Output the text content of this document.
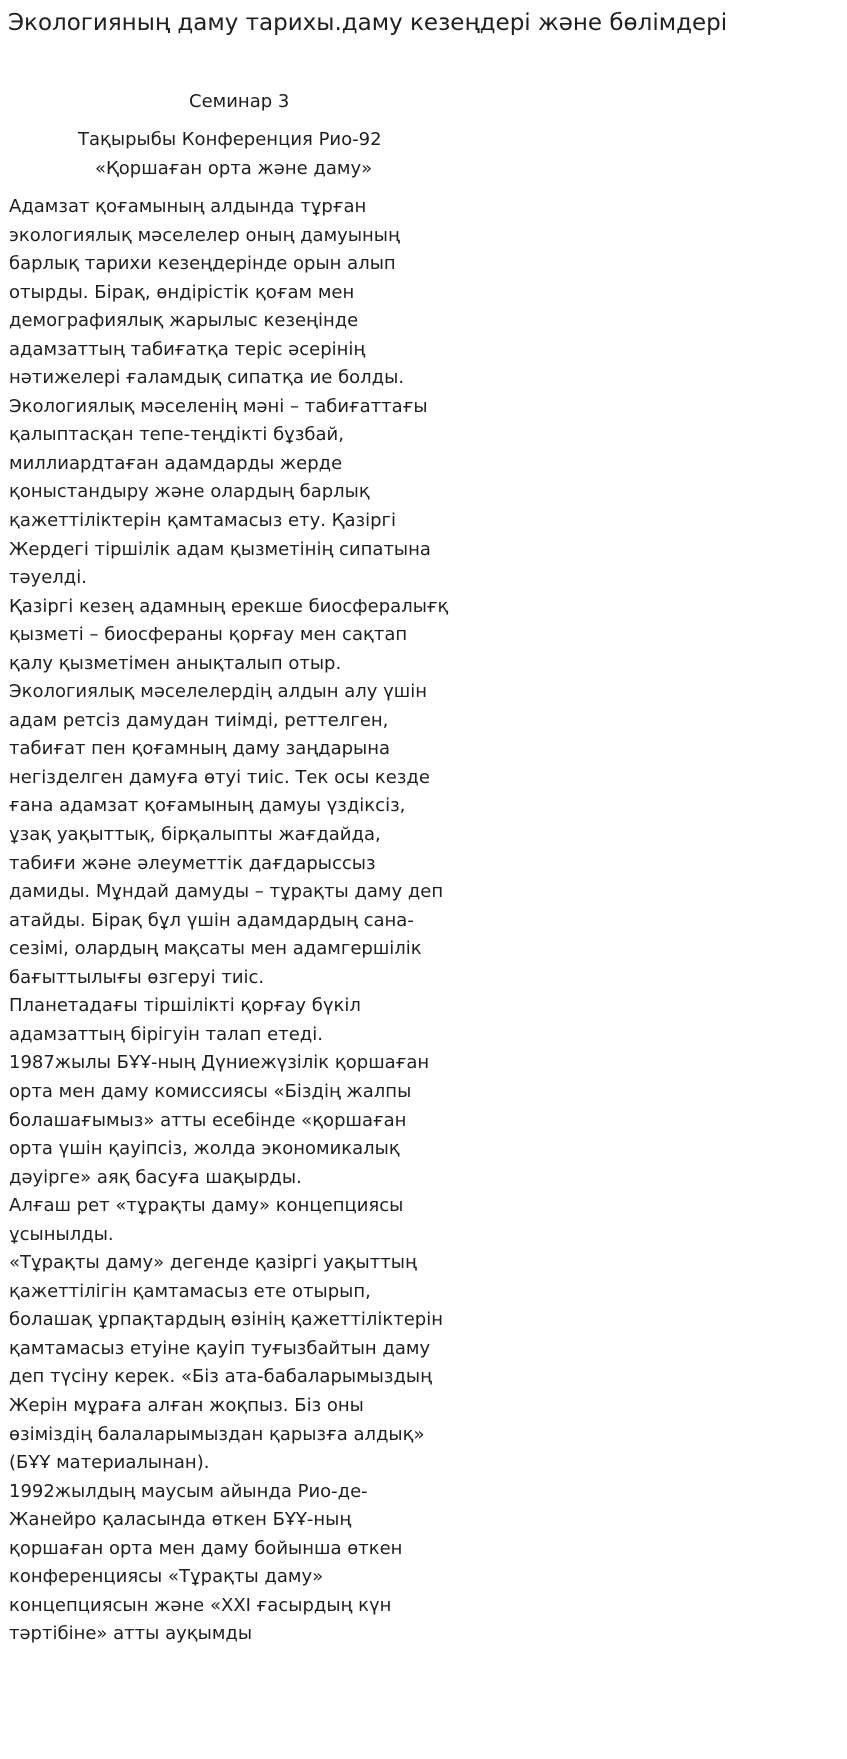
Экологияның даму тарихы.даму кезеңдері және бөлімдері
Семинар 3
Тақырыбы Конференция Рио-92
«Қоршаған орта және даму»
Адамзат қоғамының алдында тұрған
экологиялық мәселелер оның дамуының
барлық тарихи кезеңдерінде орын алып
отырды. Бірақ, өндірістік қоғам мен
демографиялық жарылыс кезеңінде
адамзаттың табиғатқа теріс әсерінің
нәтижелері ғаламдық сипатқа ие болды.
Экологиялық мәселенің мәні – табиғаттағы
қалыптасқан тепе-теңдікті бұзбай,
миллиардтаған адамдарды жерде
қоныстандыру және олардың барлық
қажеттіліктерін қамтамасыз ету. Қазіргі
Жердегі тіршілік адам қызметінің сипатына
тәуелді.
Қазіргі кезең адамның ерекше биосфералығқ
қызметі – биосфераны қорғау мен сақтап
қалу қызметімен анықталып отыр.
Экологиялық мәселелердің алдын алу үшін
адам ретсіз дамудан тиімді, реттелген,
табиғат пен қоғамның даму заңдарына
негізделген дамуға өтуі тиіс. Тек осы кезде
ғана адамзат қоғамының дамуы үздіксіз,
ұзақ уақыттық, бірқалыпты жағдайда,
табиғи және әлеуметтік дағдарыссыз
дамиды. Мұндай дамуды – тұрақты даму деп
атайды. Бірақ бұл үшін адамдардың сана-
сезімі, олардың мақсаты мен адамгершілік
бағыттылығы өзгеруі тиіс.
Планетадағы тіршілікті қорғау бүкіл
адамзаттың бірігуін талап етеді.
1987жылы БҰҰ-ның Дүниежүзілік қоршаған
орта мен даму комиссиясы «Біздің жалпы
болашағымыз» атты есебінде «қоршаған
орта үшін қауіпсіз, жолда экономикалық
дәуірге» аяқ басуға шақырды.
Алғаш рет «тұрақты даму» концепциясы
ұсынылды.
«Тұрақты даму» дегенде қазіргі уақыттың
қажеттілігін қамтамасыз ете отырып,
болашақ ұрпақтардың өзінің қажеттіліктерін
қамтамасыз етуіне қауіп туғызбайтын даму
деп түсіну керек. «Біз ата-бабаларымыздың
Жерін мұраға алған жоқпыз. Біз оны
өзіміздің балаларымыздан қарызға алдық»
(БҰҰ материалынан).
1992жылдың маусым айында Рио-де-
Жанейро қаласында өткен БҰҰ-ның
қоршаған орта мен даму бойынша өткен
конференциясы «Тұрақты даму»
концепциясын және «XXI ғасырдың күн
тәртібіне» атты ауқымды
